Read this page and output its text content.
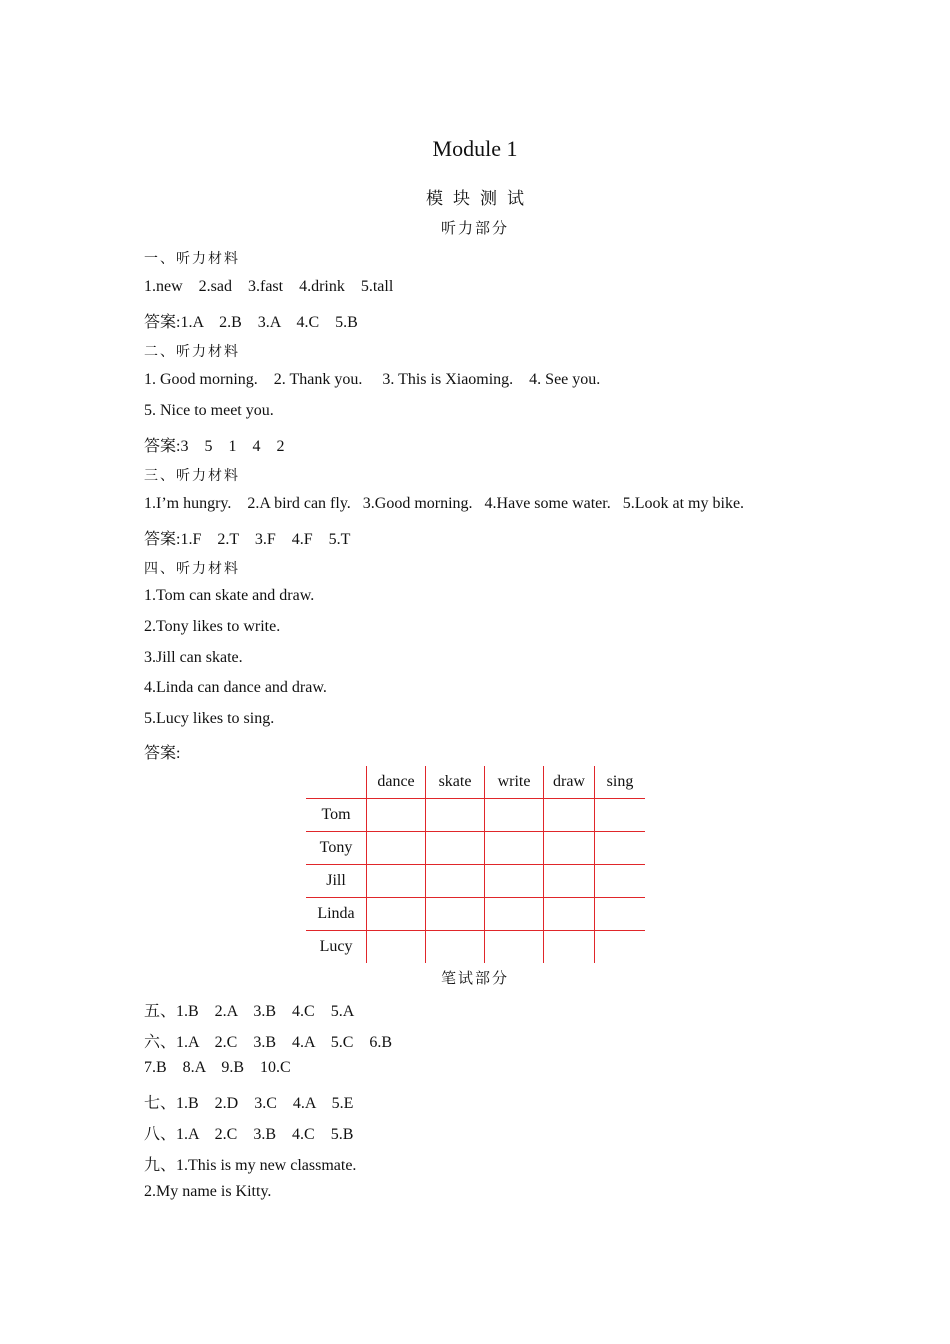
Module 1
模块测试
听力部分
一、听力材料
1.new    2.sad    3.fast    4.drink    5.tall
答案:1.A    2.B    3.A    4.C    5.B
二、听力材料
1. Good morning.    2. Thank you.     3. This is Xiaoming.    4. See you.
5. Nice to meet you.
答案:3    5    1    4    2
三、听力材料
1.I’m hungry.    2.A bird can fly.   3.Good morning.   4.Have some water.   5.Look at my bike.
答案:1.F    2.T    3.F    4.F    5.T
四、听力材料
1.Tom can skate and draw.
2.Tony likes to write.
3.Jill can skate.
4.Linda can dance and draw.
5.Lucy likes to sing.
答案:
	dance	skate	write	draw	sing
Tom					
Tony					
Jill					
Linda					
Lucy					
笔试部分
五、1.B    2.A    3.B    4.C    5.A
六、1.A    2.C    3.B    4.A    5.C    6.B
7.B    8.A    9.B    10.C
七、1.B    2.D    3.C    4.A    5.E
八、1.A    2.C    3.B    4.C    5.B
九、1.This is my new classmate.
2.My name is Kitty.
